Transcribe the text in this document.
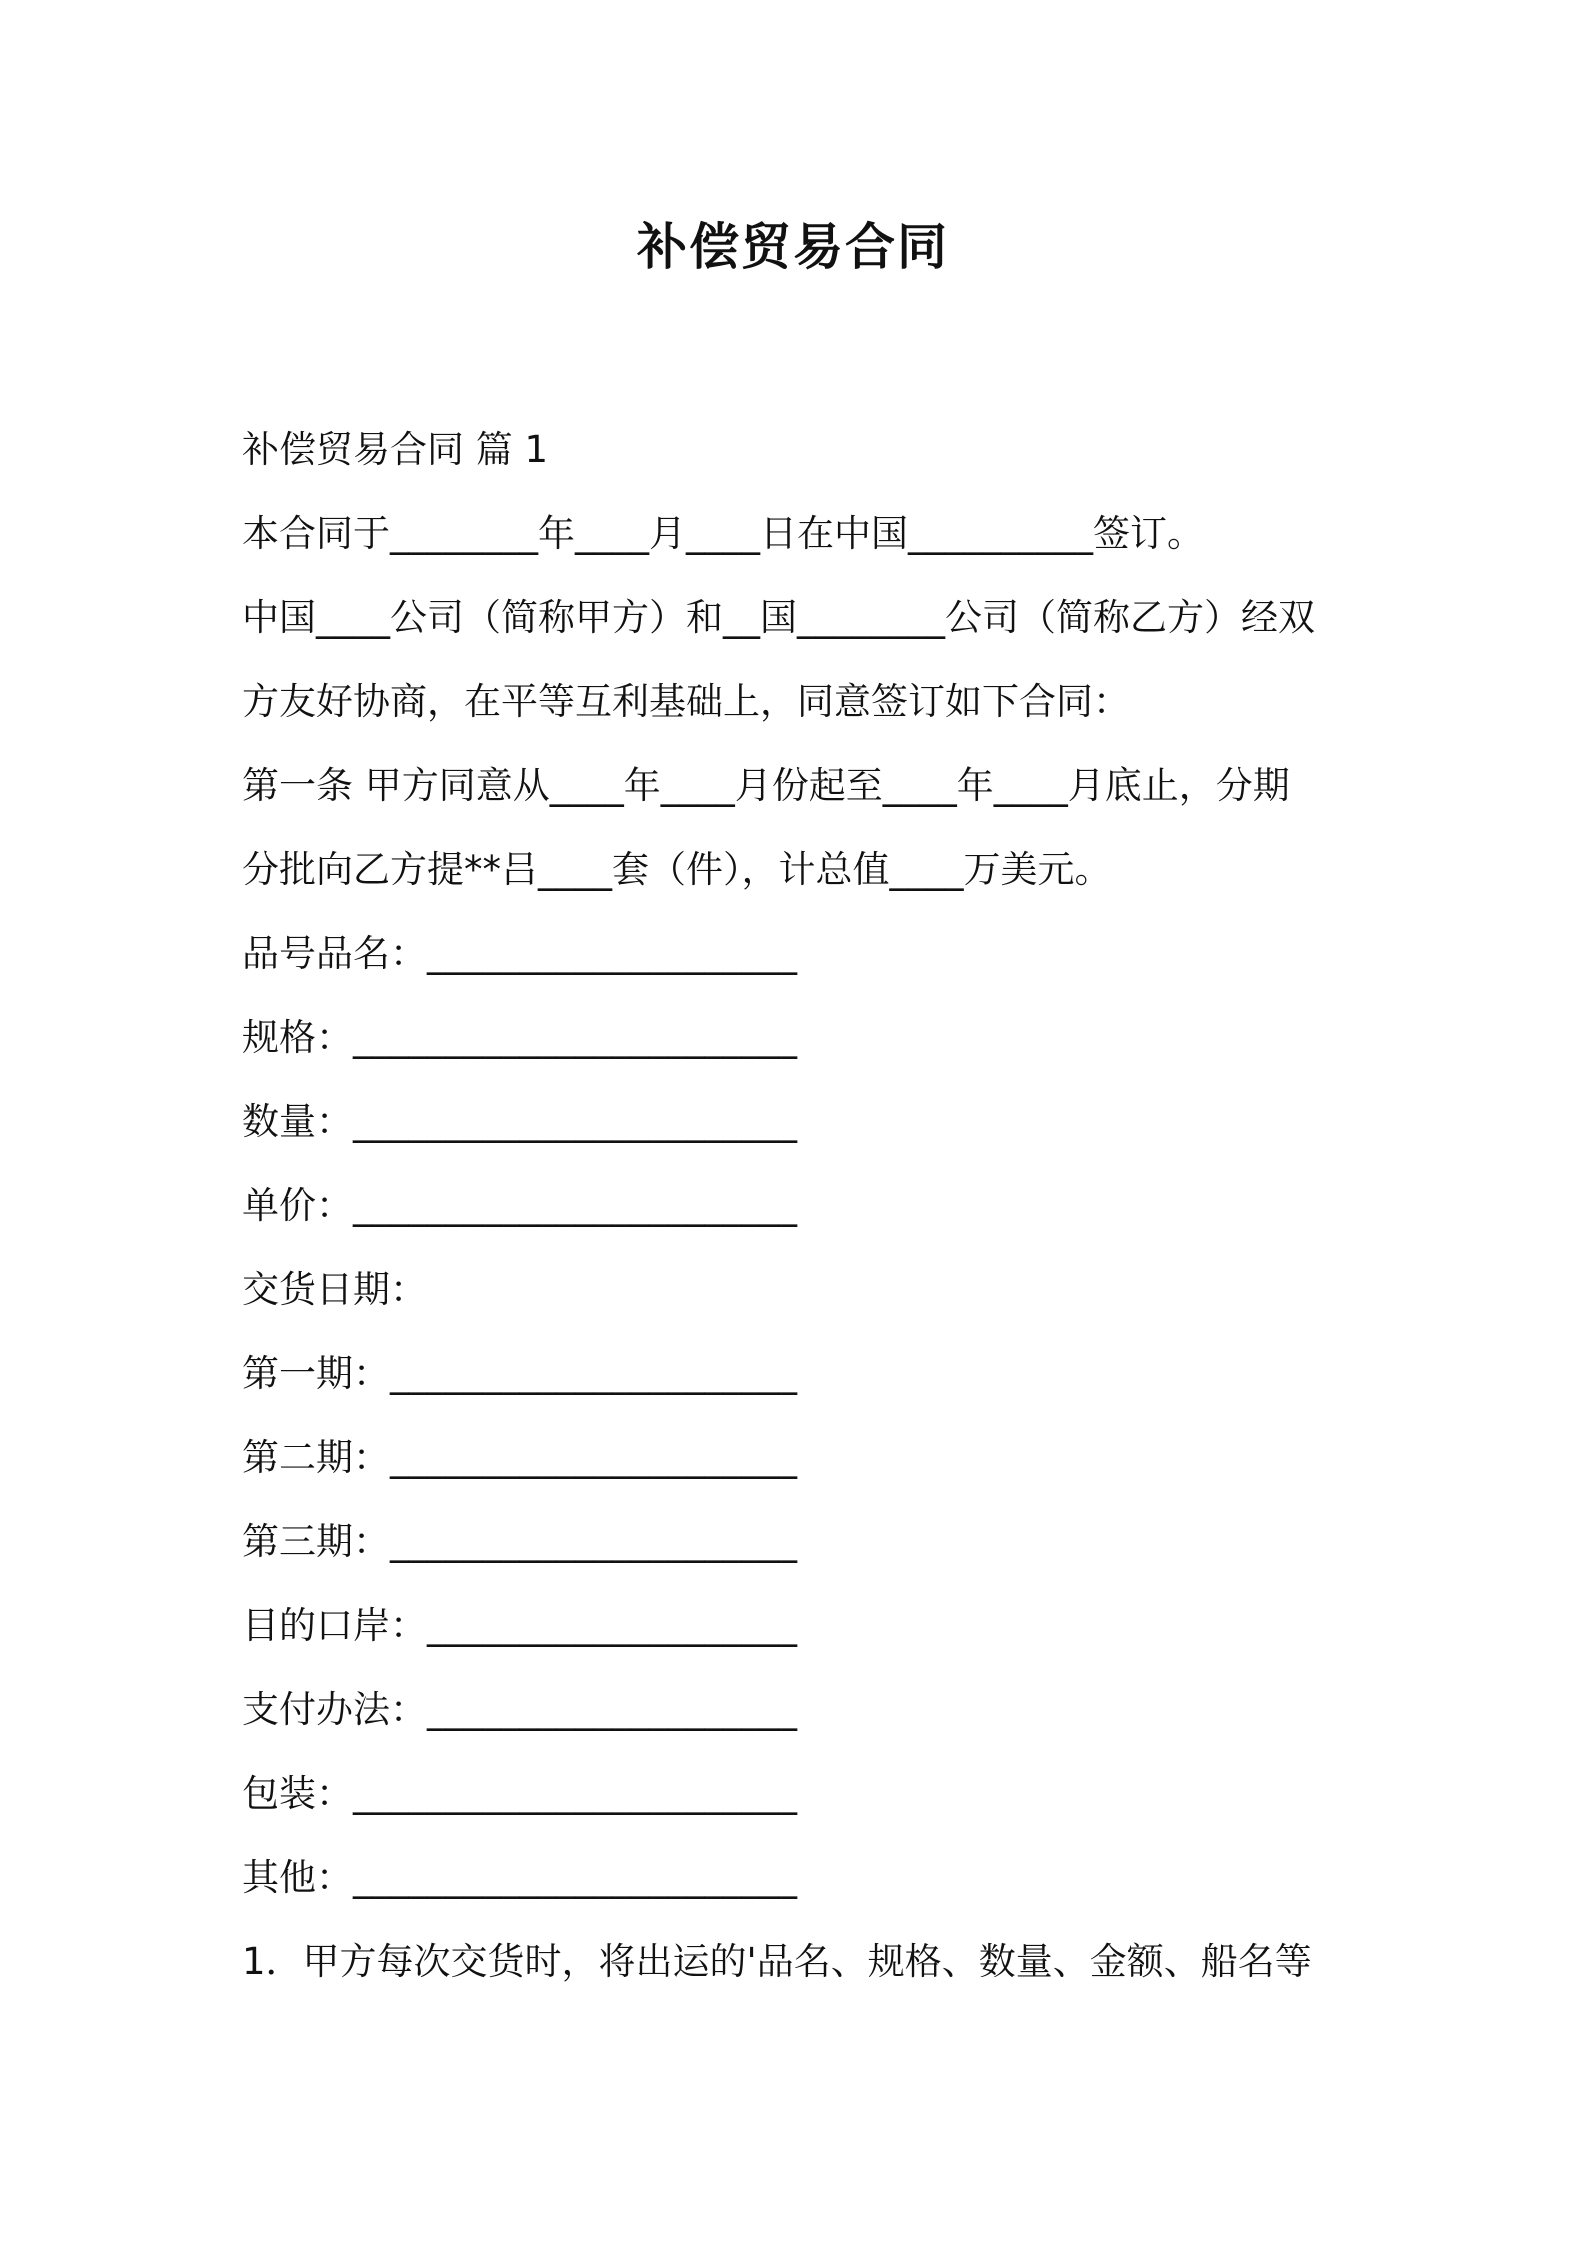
补偿贸易合同

补偿贸易合同 篇 1

本合同于________年____月____日在中国__________签订。

中国____公司（简称甲方）和__国________公司（简称乙方）经双

方友好协商，在平等互利基础上，同意签订如下合同：

第一条 甲方同意从____年____月份起至____年____月底止，分期

分批向乙方提**吕____套（件），计总值____万美元。

品号品名：____________________

规格：________________________

数量：________________________

单价：________________________

交货日期：

第一期：______________________

第二期：______________________

第三期：______________________

目的口岸：____________________

支付办法：____________________

包装：________________________

其他：________________________

1．甲方每次交货时，将出运的'品名、规格、数量、金额、船名等
